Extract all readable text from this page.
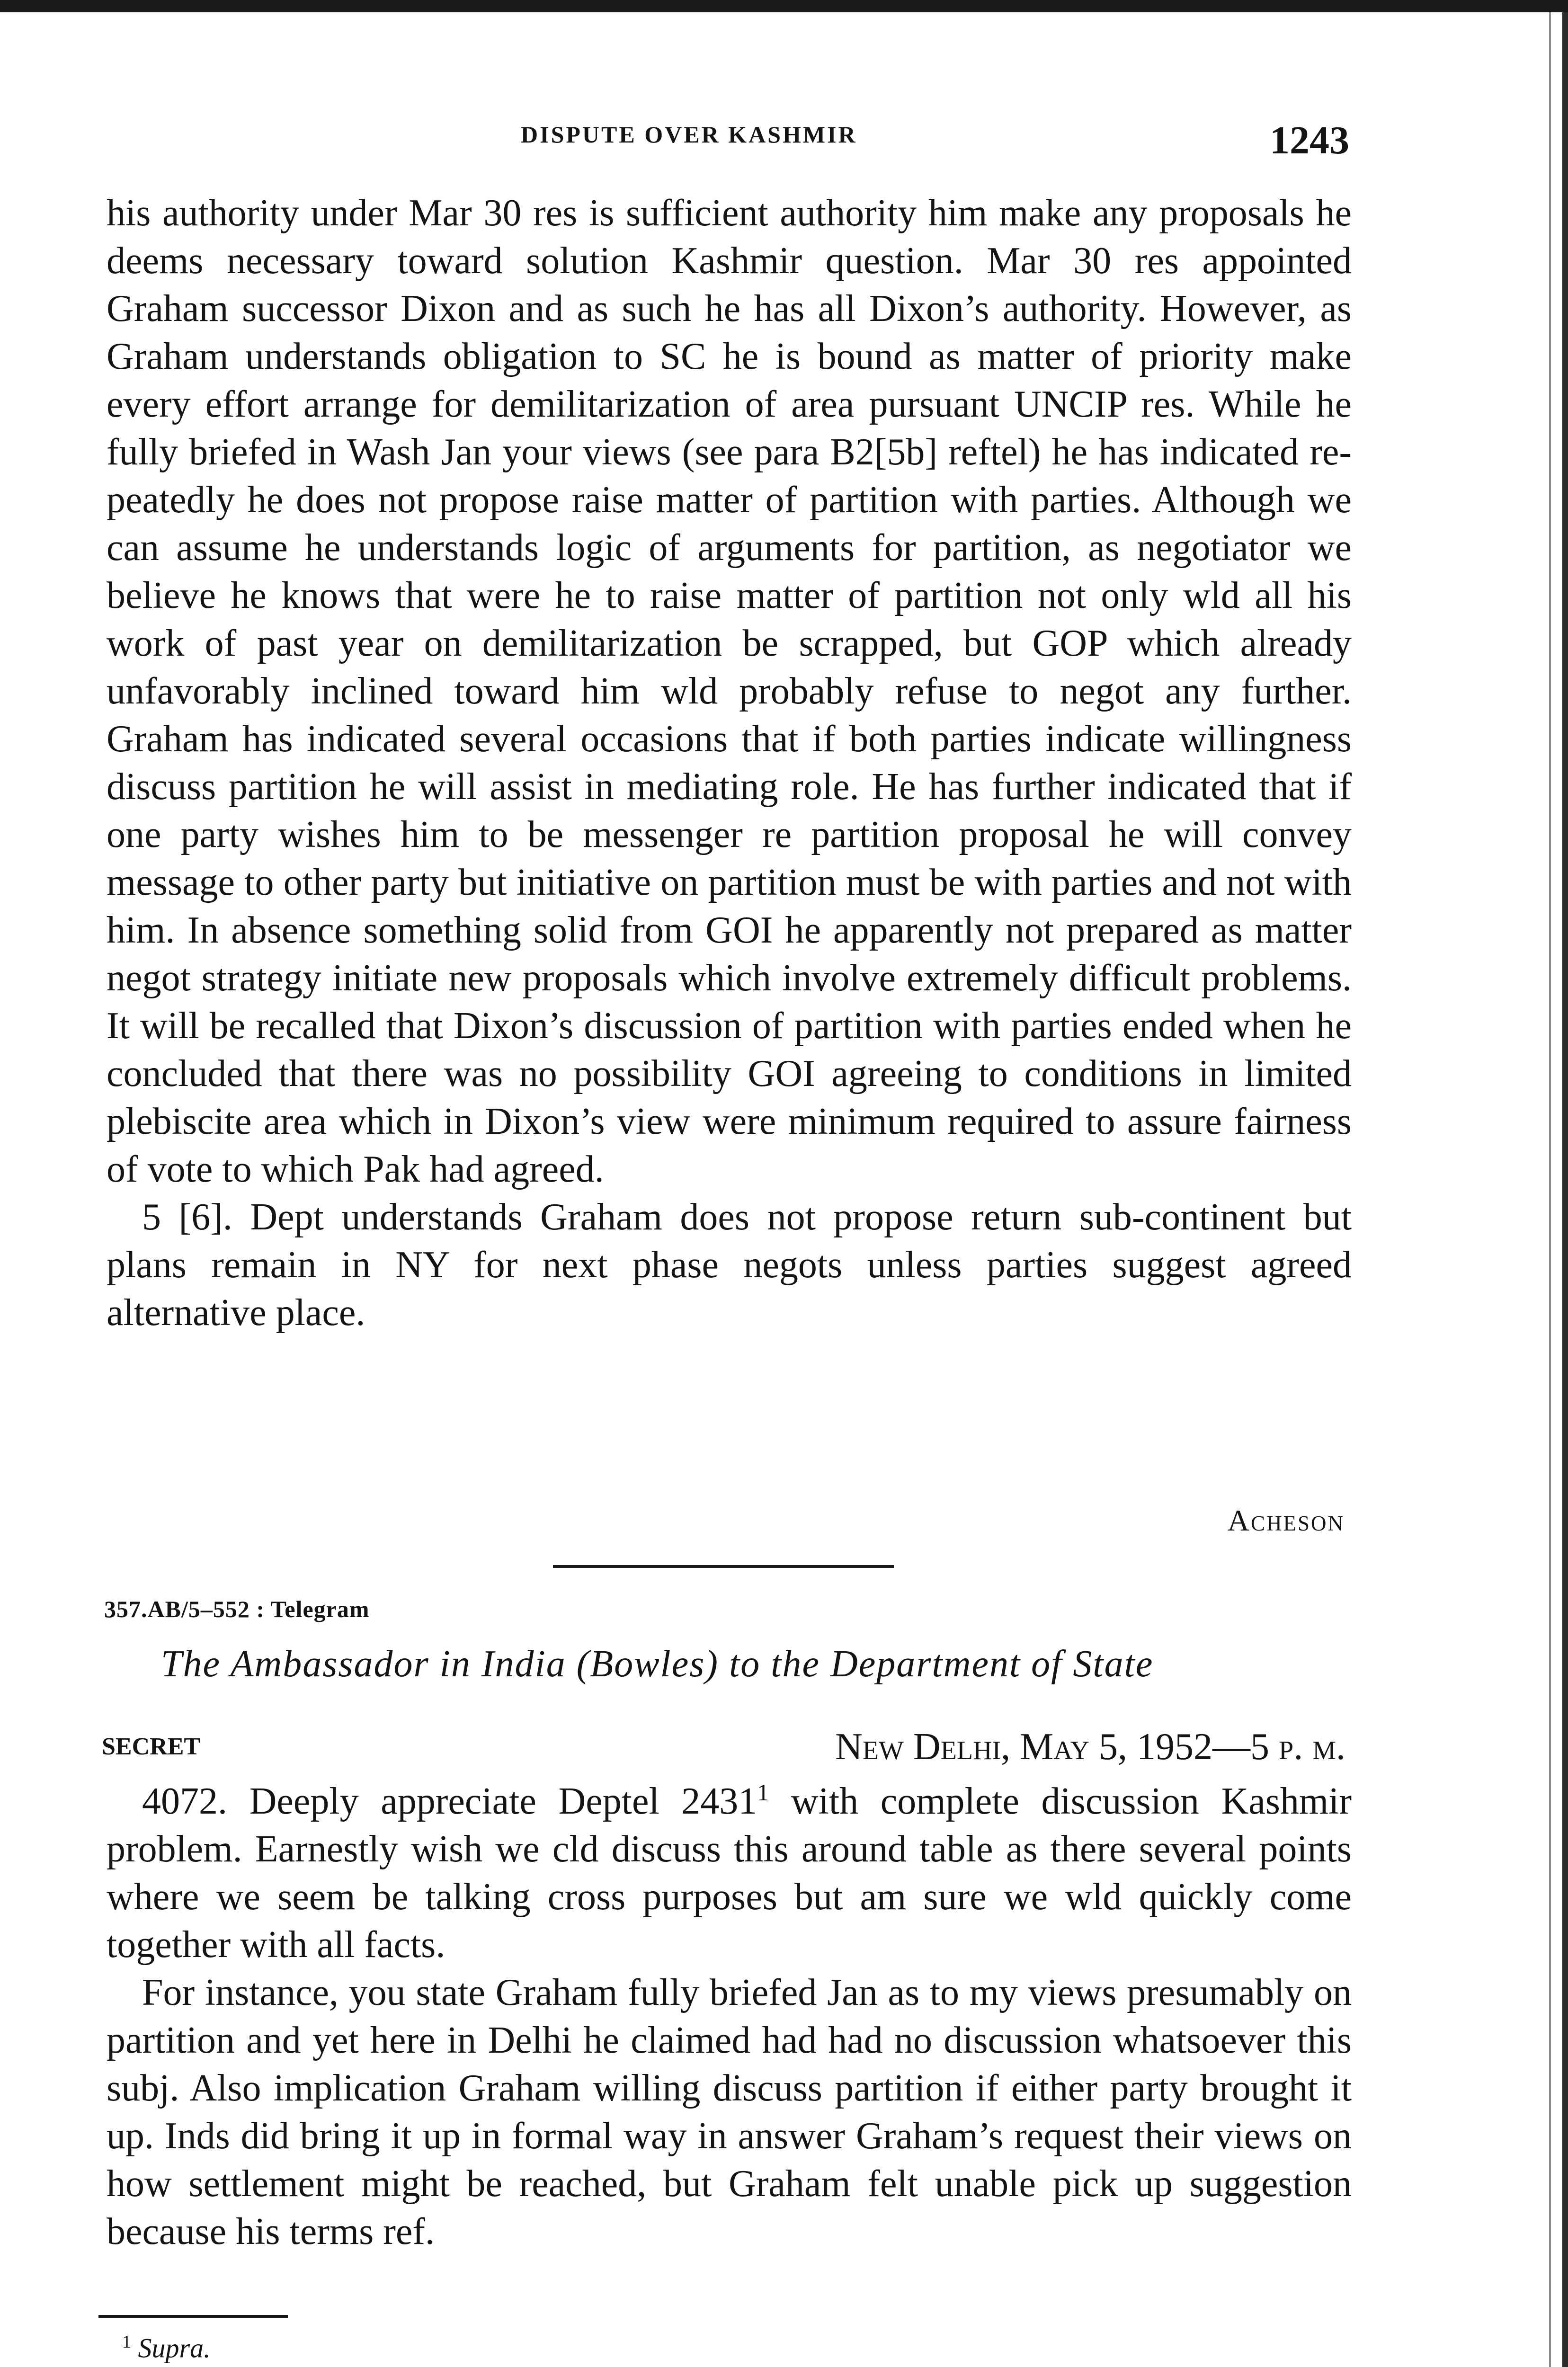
DISPUTE OVER KASHMIR	1243

his authority under Mar 30 res is sufficient authority him make any proposals he deems necessary toward solution Kashmir question. Mar 30 res appointed Graham successor Dixon and as such he has all Dixon’s authority. However, as Graham understands obligation to SC he is bound as matter of priority make every effort arrange for demilitarization of area pursuant UNCIP res. While he fully briefed in Wash Jan your views (see para B2[5b] reftel) he has indicated repeatedly he does not propose raise matter of partition with parties. Although we can assume he understands logic of arguments for partition, as negotiator we believe he knows that were he to raise matter of partition not only wld all his work of past year on demilitarization be scrapped, but GOP which already unfavorably inclined toward him wld probably refuse to negot any further. Graham has indicated several occasions that if both parties indicate willingness discuss partition he will assist in mediating role. He has further indicated that if one party wishes him to be messenger re partition proposal he will convey message to other party but initiative on partition must be with parties and not with him. In absence something solid from GOI he apparently not prepared as matter negot strategy initiate new proposals which involve extremely difficult problems. It will be recalled that Dixon’s discussion of partition with parties ended when he concluded that there was no possibility GOI agreeing to conditions in limited plebiscite area which in Dixon’s view were minimum required to assure fairness of vote to which Pak had agreed.

5 [6]. Dept understands Graham does not propose return sub-continent but plans remain in NY for next phase negots unless parties suggest agreed alternative place.

Acheson
357.AB/5–552 : Telegram
The Ambassador in India (Bowles) to the Department of State
SECRET	New Delhi, May 5, 1952—5 p. m.

4072. Deeply appreciate Deptel 2431$^1$ with complete discussion Kashmir problem. Earnestly wish we cld discuss this around table as there several points where we seem be talking cross purposes but am sure we wld quickly come together with all facts.

For instance, you state Graham fully briefed Jan as to my views presumably on partition and yet here in Delhi he claimed had had no discussion whatsoever this subj. Also implication Graham willing discuss partition if either party brought it up. Inds did bring it up in formal way in answer Graham’s request their views on how settlement might be reached, but Graham felt unable pick up suggestion because his terms ref.

$^1$ Supra.
